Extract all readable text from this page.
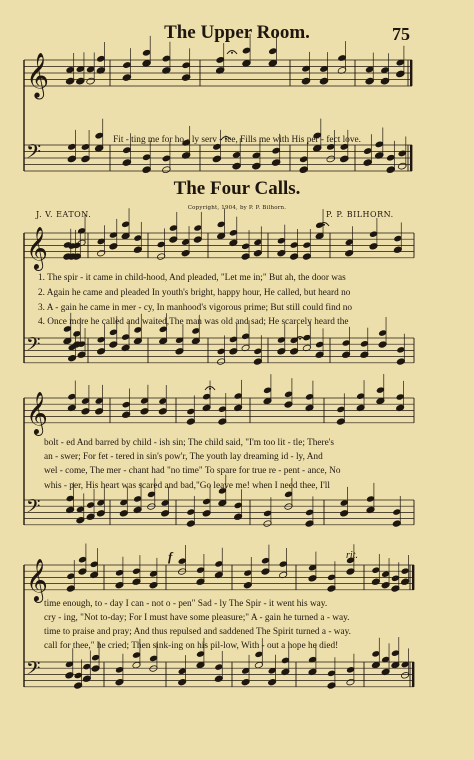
𝄞
𝄢
𝄞
𝄢
𝄞
𝄢
𝄞
𝄢
The Upper Room.	75
Fit - ting me for ho - ly serv - ice, Fills me with His per - fect love.
The Four Calls.
Copyright, 1904, by P. P. Bilhorn.
J. V. EATON.	P. P. BILHORN.
1. The spir - it came in child-hood, And pleaded, "Let me in;" But ah, the door was
2. Again he came and pleaded In youth's bright, happy hour, He called, but heard no
3. A - gain he came in mer - cy, In manhood's vigorous prime; But still could find no
4. Once more he called and waited,The man was old and sad; He scarcely heard the
bolt - ed And barred by child - ish sin; The child said, "I'm too lit - tle; There's
an - swer; For fet - tered in sin's pow'r, The youth lay dreaming id - ly, And
wel - come, The mer - chant had "no time" To spare for true re - pent - ance, No
whis - per, His heart was scared and bad,"Go leave me! when I need thee, I'll
time enough, to - day I can - not o - pen" Sad - ly The Spir - it went his way.
cry - ing, "Not to-day; For I must have some pleasure;" A - gain he turned a - way.
time to praise and pray; And thus repulsed and saddened The Spirit turned a - way.
call for thee," he cried; Then sink-ing on his pil-low, With - out a hope he died!
f	rit.
